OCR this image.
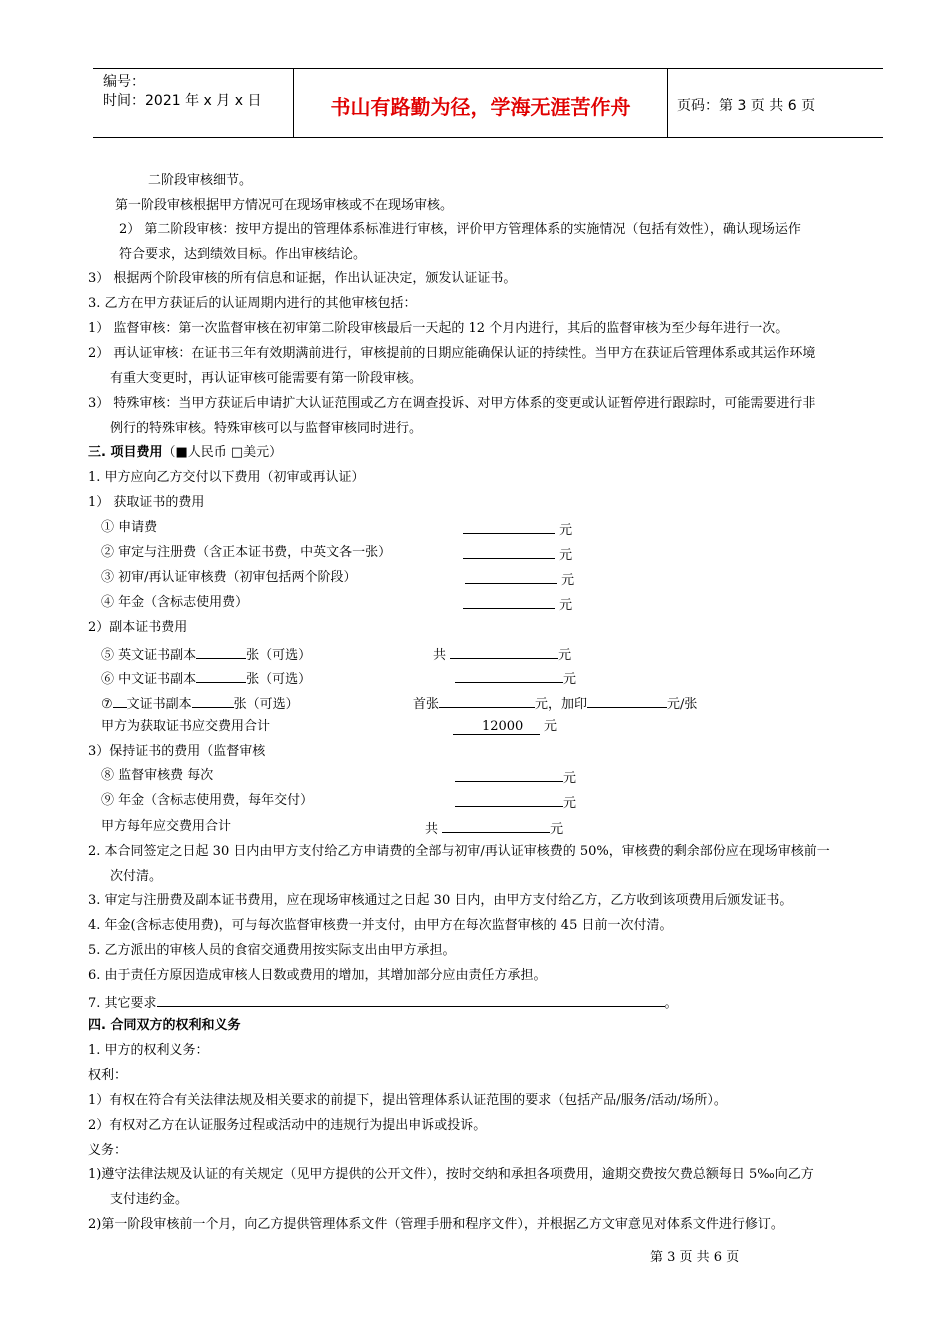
编号：
时间：2021 年 x 月 x 日	书山有路勤为径，学海无涯苦作舟	页码：第 3 页 共 6 页
二阶段审核细节。
第一阶段审核根据甲方情况可在现场审核或不在现场审核。
2） 第二阶段审核：按甲方提出的管理体系标准进行审核，评价甲方管理体系的实施情况（包括有效性），确认现场运作
符合要求，达到绩效目标。作出审核结论。
3） 根据两个阶段审核的所有信息和证据，作出认证决定，颁发认证证书。
3. 乙方在甲方获证后的认证周期内进行的其他审核包括：
1） 监督审核：第一次监督审核在初审第二阶段审核最后一天起的 12 个月内进行，其后的监督审核为至少每年进行一次。
2） 再认证审核：在证书三年有效期满前进行，审核提前的日期应能确保认证的持续性。当甲方在获证后管理体系或其运作环境
有重大变更时，再认证审核可能需要有第一阶段审核。
3） 特殊审核：当甲方获证后申请扩大认证范围或乙方在调查投诉、对甲方体系的变更或认证暂停进行跟踪时，可能需要进行非
例行的特殊审核。特殊审核可以与监督审核同时进行。
三. 项目费用（■人民币 □美元）
1. 甲方应向乙方交付以下费用（初审或再认证）
1） 获取证书的费用
① 申请费	元
② 审定与注册费（含正本证书费，中英文各一张）	元
③ 初审/再认证审核费（初审包括两个阶段）	元
④ 年金（含标志使用费）	元
2）副本证书费用
⑤ 英文证书副本	张（可选）	共	元
⑥ 中文证书副本	张（可选）	元
⑦ 文证书副本	张（可选）	首张	元，加印	元/张
甲方为获取证书应交费用合计	12000 元
3）保持证书的费用（监督审核
⑧ 监督审核费 每次	元
⑨ 年金（含标志使用费，每年交付）	元
甲方每年应交费用合计	共	元
2. 本合同签定之日起 30 日内由甲方支付给乙方申请费的全部与初审/再认证审核费的 50%，审核费的剩余部份应在现场审核前一
次付清。
3. 审定与注册费及副本证书费用，应在现场审核通过之日起 30 日内，由甲方支付给乙方，乙方收到该项费用后颁发证书。
4. 年金(含标志使用费)，可与每次监督审核费一并支付，由甲方在每次监督审核的 45 日前一次付清。
5. 乙方派出的审核人员的食宿交通费用按实际支出由甲方承担。
6. 由于责任方原因造成审核人日数或费用的增加，其增加部分应由责任方承担。
7. 其它要求	。
四. 合同双方的权利和义务
1. 甲方的权利义务：
权利：
1）有权在符合有关法律法规及相关要求的前提下，提出管理体系认证范围的要求（包括产品/服务/活动/场所）。
2）有权对乙方在认证服务过程或活动中的违规行为提出申诉或投诉。
义务：
1)遵守法律法规及认证的有关规定（见甲方提供的公开文件），按时交纳和承担各项费用，逾期交费按欠费总额每日 5‰向乙方
支付违约金。
2)第一阶段审核前一个月，向乙方提供管理体系文件（管理手册和程序文件），并根据乙方文审意见对体系文件进行修订。
第 3 页 共 6 页
